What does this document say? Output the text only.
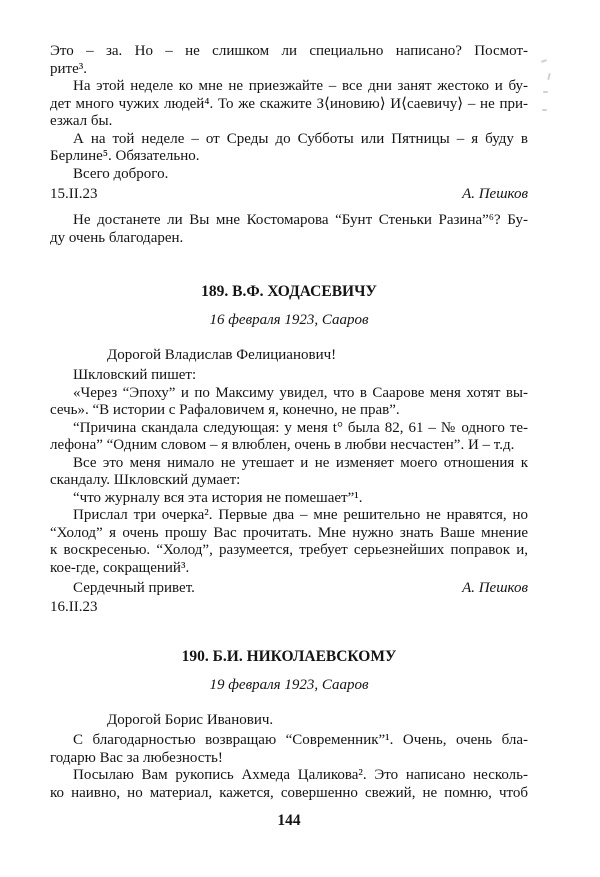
Это – за. Но – не слишком ли специально написано? Посмот-
рите³.

На этой неделе ко мне не приезжайте – все дни занят жестоко и бу-
дет много чужих людей⁴. То же скажите З⟨иновию⟩ И⟨саевичу⟩ – не при-
езжал бы.

А на той неделе – от Среды до Субботы или Пятницы – я буду в
Берлине⁵. Обязательно.

Всего доброго.

15.II.23	А. Пешков

Не достанете ли Вы мне Костомарова “Бунт Стеньки Разина”⁶? Бу-
ду очень благодарен.

189. В.Ф. ХОДАСЕВИЧУ
16 февраля 1923, Сааров

Дорогой Владислав Фелицианович!

Шкловский пишет:

«Через “Эпоху” и по Максиму увидел, что в Саарове меня хотят вы-
сечь». “В истории с Рафаловичем я, конечно, не прав”.

“Причина скандала следующая: у меня t° была 82, 61 – № одного те-
лефона” “Одним словом – я влюблен, очень в любви несчастен”. И – т.д.

Все это меня нимало не утешает и не изменяет моего отношения к
скандалу. Шкловский думает:

“что журналу вся эта история не помешает”¹.

Прислал три очерка². Первые два – мне решительно не нравятся, но
“Холод” я очень прошу Вас прочитать. Мне нужно знать Ваше мнение
к воскресенью. “Холод”, разумеется, требует серьезнейших поправок и,
кое-где, сокращений³.

Сердечный привет.	А. Пешков

16.II.23

190. Б.И. НИКОЛАЕВСКОМУ
19 февраля 1923, Сааров

Дорогой Борис Иванович.

С благодарностью возвращаю “Современник”¹. Очень, очень бла-
годарю Вас за любезность!

Посылаю Вам рукопись Ахмеда Цаликова². Это написано несколь-
ко наивно, но материал, кажется, совершенно свежий, не помню, чтоб

144
